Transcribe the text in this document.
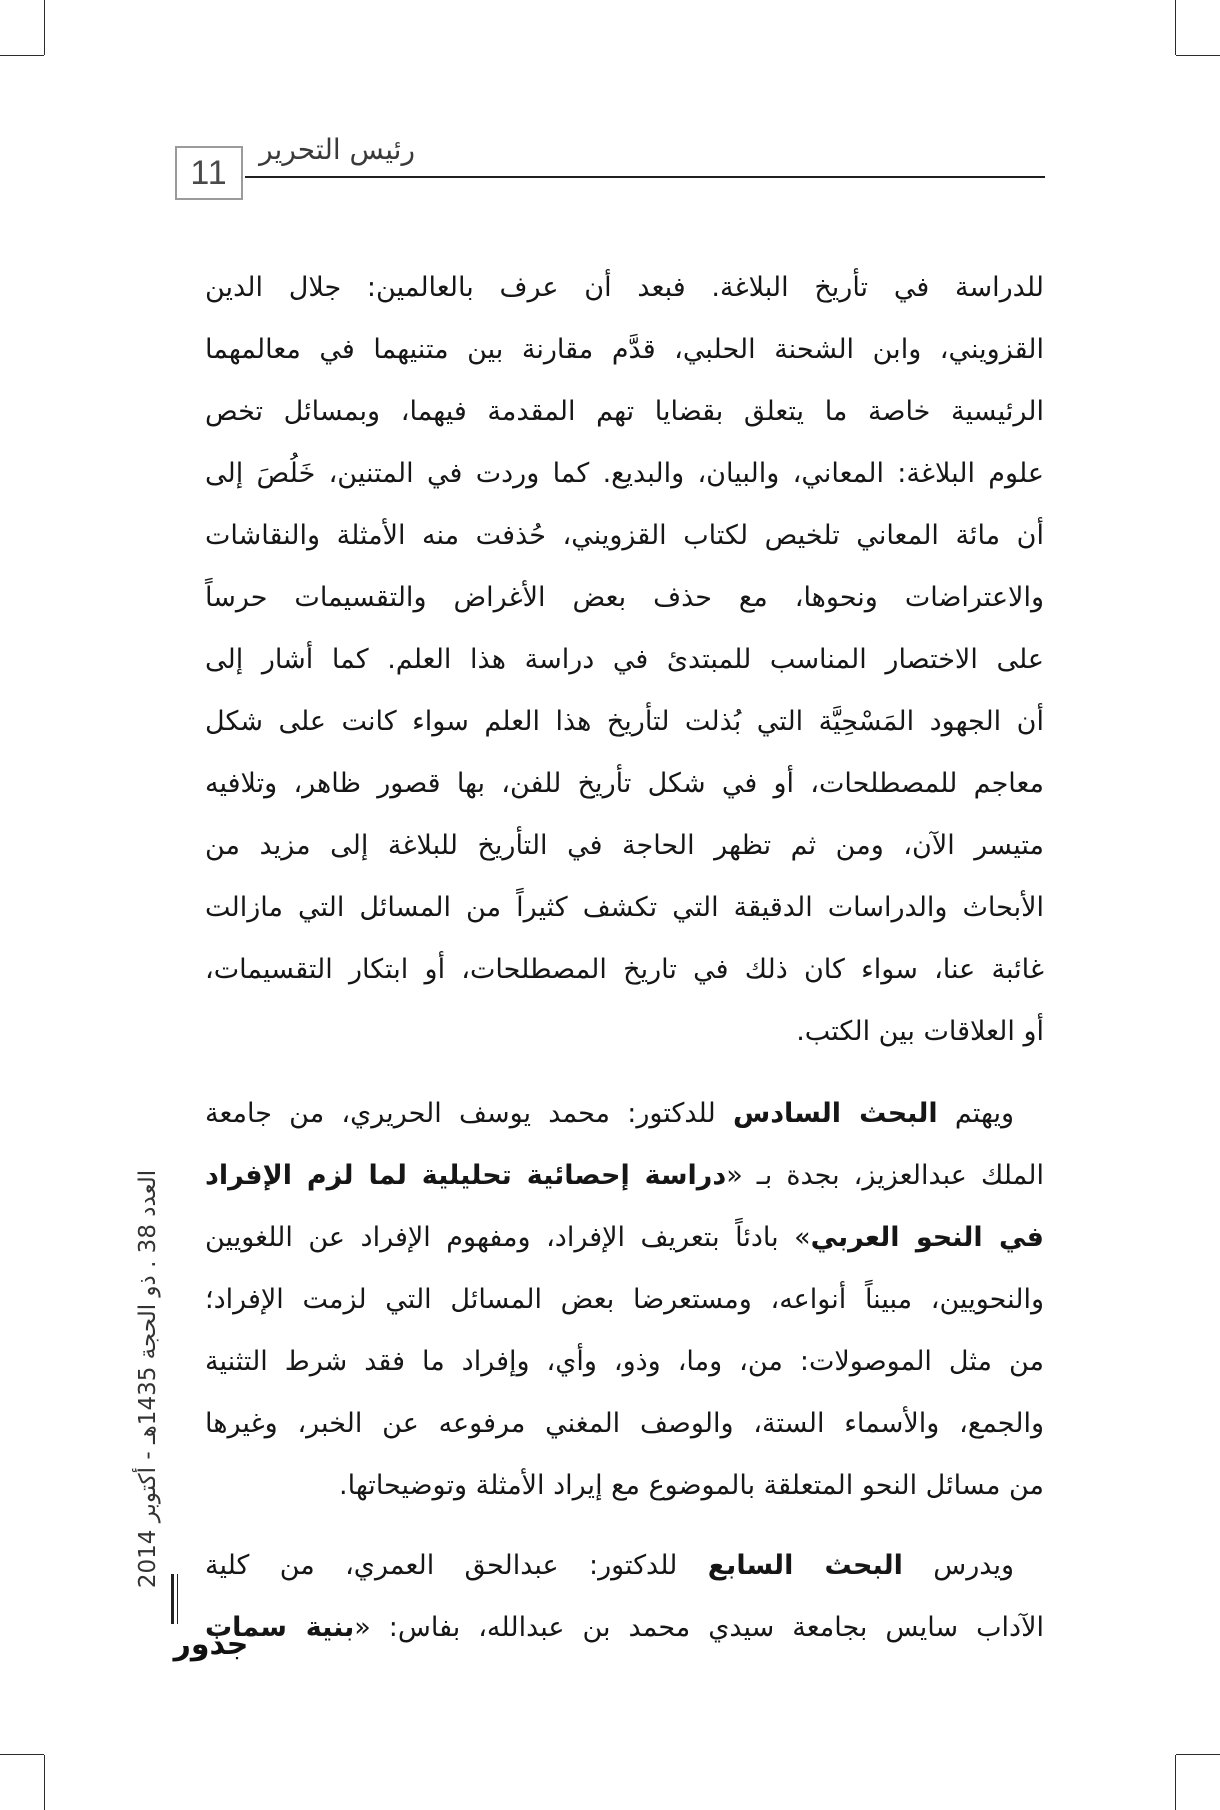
رئيس التحرير
11
للدراسة في تأريخ البلاغة. فبعد أن عرف بالعالمين: جلال الدين
القزويني، وابن الشحنة الحلبي، قدَّم مقارنة بين متنيهما في معالمهما
الرئيسية خاصة ما يتعلق بقضايا تهم المقدمة فيهما، وبمسائل تخص
علوم البلاغة: المعاني، والبيان، والبديع. كما وردت في المتنين، خَلُصَ إلى
أن مائة المعاني تلخيص لكتاب القزويني، حُذفت منه الأمثلة والنقاشات
والاعتراضات ونحوها، مع حذف بعض الأغراض والتقسيمات حرساً
على الاختصار المناسب للمبتدئ في دراسة هذا العلم. كما أشار إلى
أن الجهود المَسْحِيَّة التي بُذلت لتأريخ هذا العلم سواء كانت على شكل
معاجم للمصطلحات، أو في شكل تأريخ للفن، بها قصور ظاهر، وتلافيه
متيسر الآن، ومن ثم تظهر الحاجة في التأريخ للبلاغة إلى مزيد من
الأبحاث والدراسات الدقيقة التي تكشف كثيراً من المسائل التي مازالت
غائبة عنا، سواء كان ذلك في تاريخ المصطلحات، أو ابتكار التقسيمات،
أو العلاقات بين الكتب.
ويهتم البحث السادس للدكتور: محمد يوسف الحريري، من جامعة
الملك عبدالعزيز، بجدة بـ «دراسة إحصائية تحليلية لما لزم الإفراد
في النحو العربي» بادئاً بتعريف الإفراد، ومفهوم الإفراد عن اللغويين
والنحويين، مبيناً أنواعه، ومستعرضا بعض المسائل التي لزمت الإفراد؛
من مثل الموصولات: من، وما، وذو، وأي، وإفراد ما فقد شرط التثنية
والجمع، والأسماء الستة، والوصف المغني مرفوعه عن الخبر، وغيرها
من مسائل النحو المتعلقة بالموضوع مع إيراد الأمثلة وتوضيحاتها.
ويدرس البحث السابع للدكتور: عبدالحق العمري، من كلية
الآداب سايس بجامعة سيدي محمد بن عبدالله، بفاس: «بنية سمات
العدد 38 . ذو الحجة 1435هـ - أكتوبر 2014
جذور
